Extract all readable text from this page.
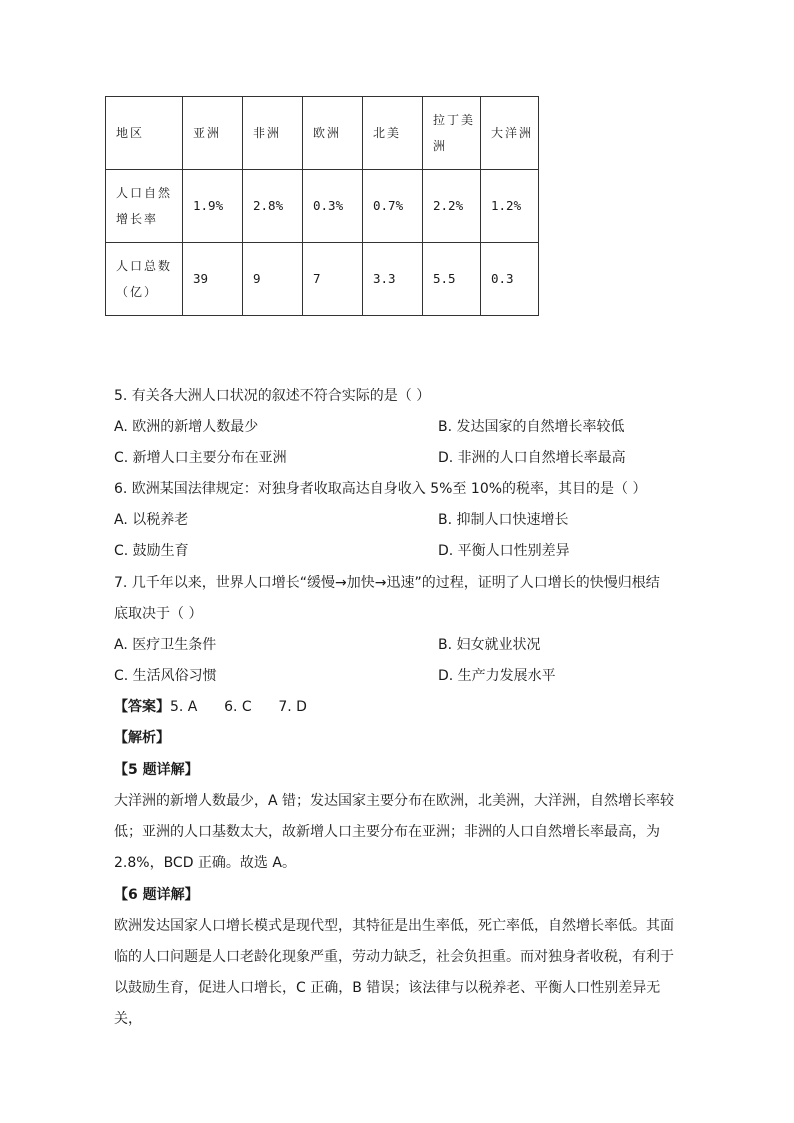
地区	亚洲	非洲	欧洲	北美	拉丁美洲	大洋洲
人口自然增长率	1.9%	2.8%	0.3%	0.7%	2.2%	1.2%
人口总数（亿）	39	9	7	3.3	5.5	0.3
5. 有关各大洲人口状况的叙述不符合实际的是（ ）
A. 欧洲的新增人数最少	B. 发达国家的自然增长率较低
C. 新增人口主要分布在亚洲	D. 非洲的人口自然增长率最高
6. 欧洲某国法律规定：对独身者收取高达自身收入 5%至 10%的税率，其目的是（ ）
A. 以税养老	B. 抑制人口快速增长
C. 鼓励生育	D. 平衡人口性别差异
7. 几千年以来，世界人口增长“缓慢→加快→迅速”的过程，证明了人口增长的快慢归根结
底取决于（ ）
A. 医疗卫生条件	B. 妇女就业状况
C. 生活风俗习惯	D. 生产力发展水平
【答案】5. A      6. C      7. D
【解析】
【5 题详解】
大洋洲的新增人数最少，A 错；发达国家主要分布在欧洲，北美洲，大洋洲，自然增长率较低；亚洲的人口基数太大，故新增人口主要分布在亚洲；非洲的人口自然增长率最高，为 2.8%，BCD 正确。故选 A。
【6 题详解】
欧洲发达国家人口增长模式是现代型，其特征是出生率低，死亡率低，自然增长率低。其面临的人口问题是人口老龄化现象严重，劳动力缺乏，社会负担重。而对独身者收税，有利于以鼓励生育，促进人口增长，C 正确，B 错误；该法律与以税养老、平衡人口性别差异无关，
